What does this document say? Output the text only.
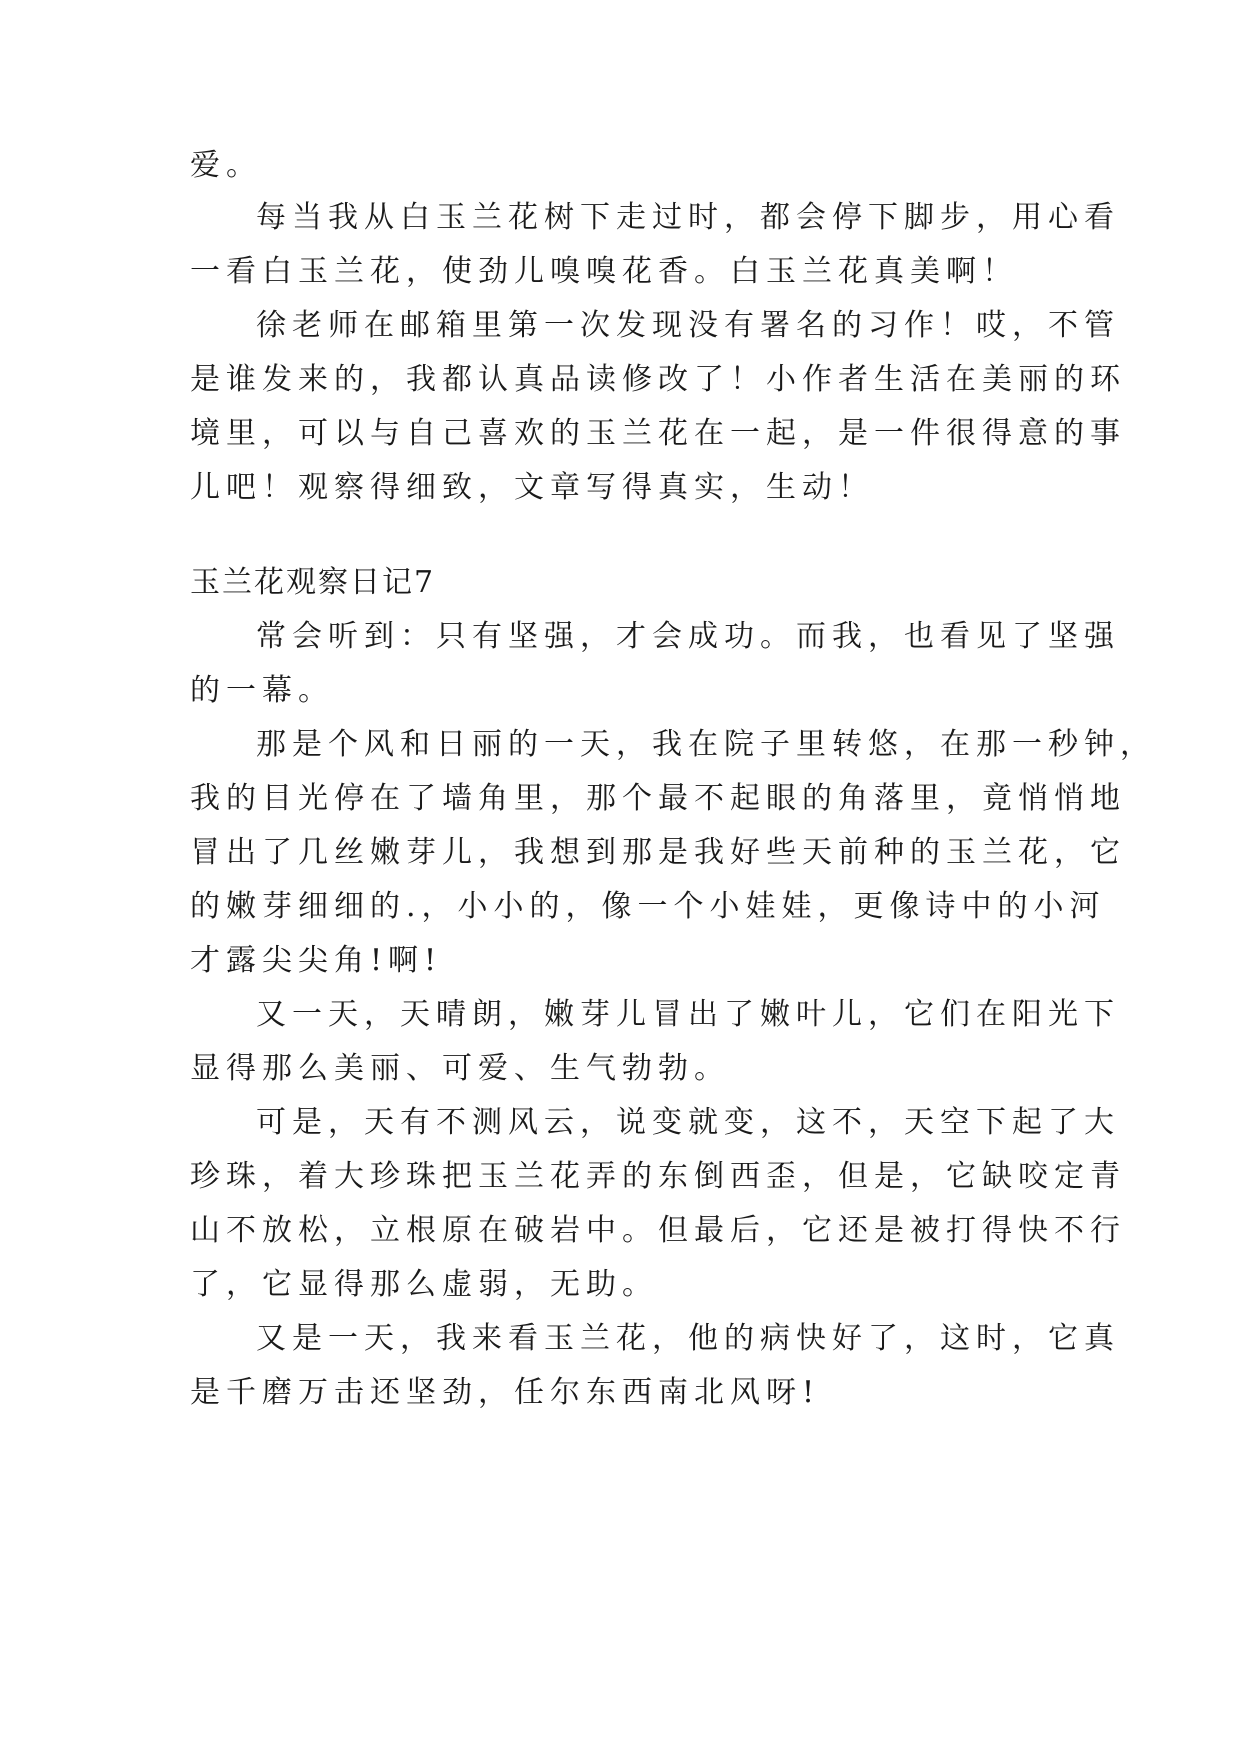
爱。
每当我从白玉兰花树下走过时，都会停下脚步，用心看
一看白玉兰花，使劲儿嗅嗅花香。白玉兰花真美啊！
徐老师在邮箱里第一次发现没有署名的习作！哎，不管
是谁发来的，我都认真品读修改了！小作者生活在美丽的环
境里，可以与自己喜欢的玉兰花在一起，是一件很得意的事
儿吧！观察得细致，文章写得真实，生动！
玉兰花观察日记7
常会听到：只有坚强，才会成功。而我，也看见了坚强
的一幕。
那是个风和日丽的一天，我在院子里转悠，在那一秒钟，
我的目光停在了墙角里，那个最不起眼的角落里，竟悄悄地
冒出了几丝嫩芽儿，我想到那是我好些天前种的玉兰花，它
的嫩芽细细的.，小小的，像一个小娃娃，更像诗中的小河
才露尖尖角!啊!
又一天，天晴朗，嫩芽儿冒出了嫩叶儿，它们在阳光下
显得那么美丽、可爱、生气勃勃。
可是，天有不测风云，说变就变，这不，天空下起了大
珍珠，着大珍珠把玉兰花弄的东倒西歪，但是，它缺咬定青
山不放松，立根原在破岩中。但最后，它还是被打得快不行
了，它显得那么虚弱，无助。
又是一天，我来看玉兰花，他的病快好了，这时，它真
是千磨万击还坚劲，任尔东西南北风呀!
